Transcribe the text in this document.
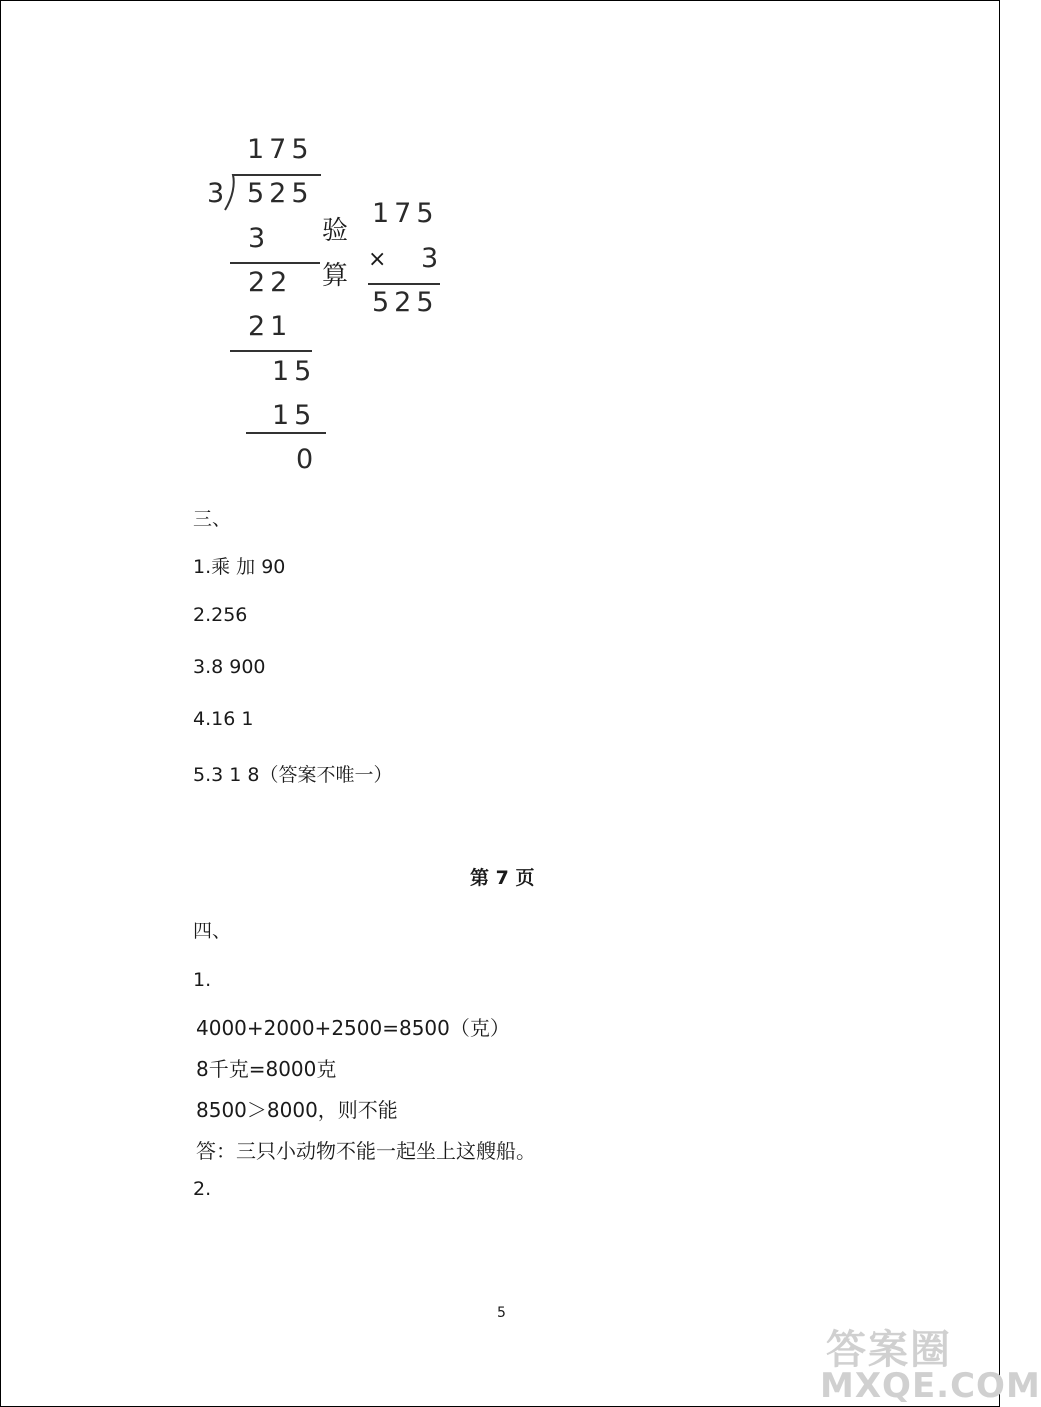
175
3 525
3
22
21
15
15
0
验
算
175
× 3
525
三、
1.乘 加 90
2.256
3.8 900
4.16 1
5.3 1 8（答案不唯一）
第 7 页
四、
1.
4000+2000+2500=8500（克）
8千克=8000克
8500＞8000，则不能
答：三只小动物不能一起坐上这艘船。
2.
5
答案圈
MXQE.COM
